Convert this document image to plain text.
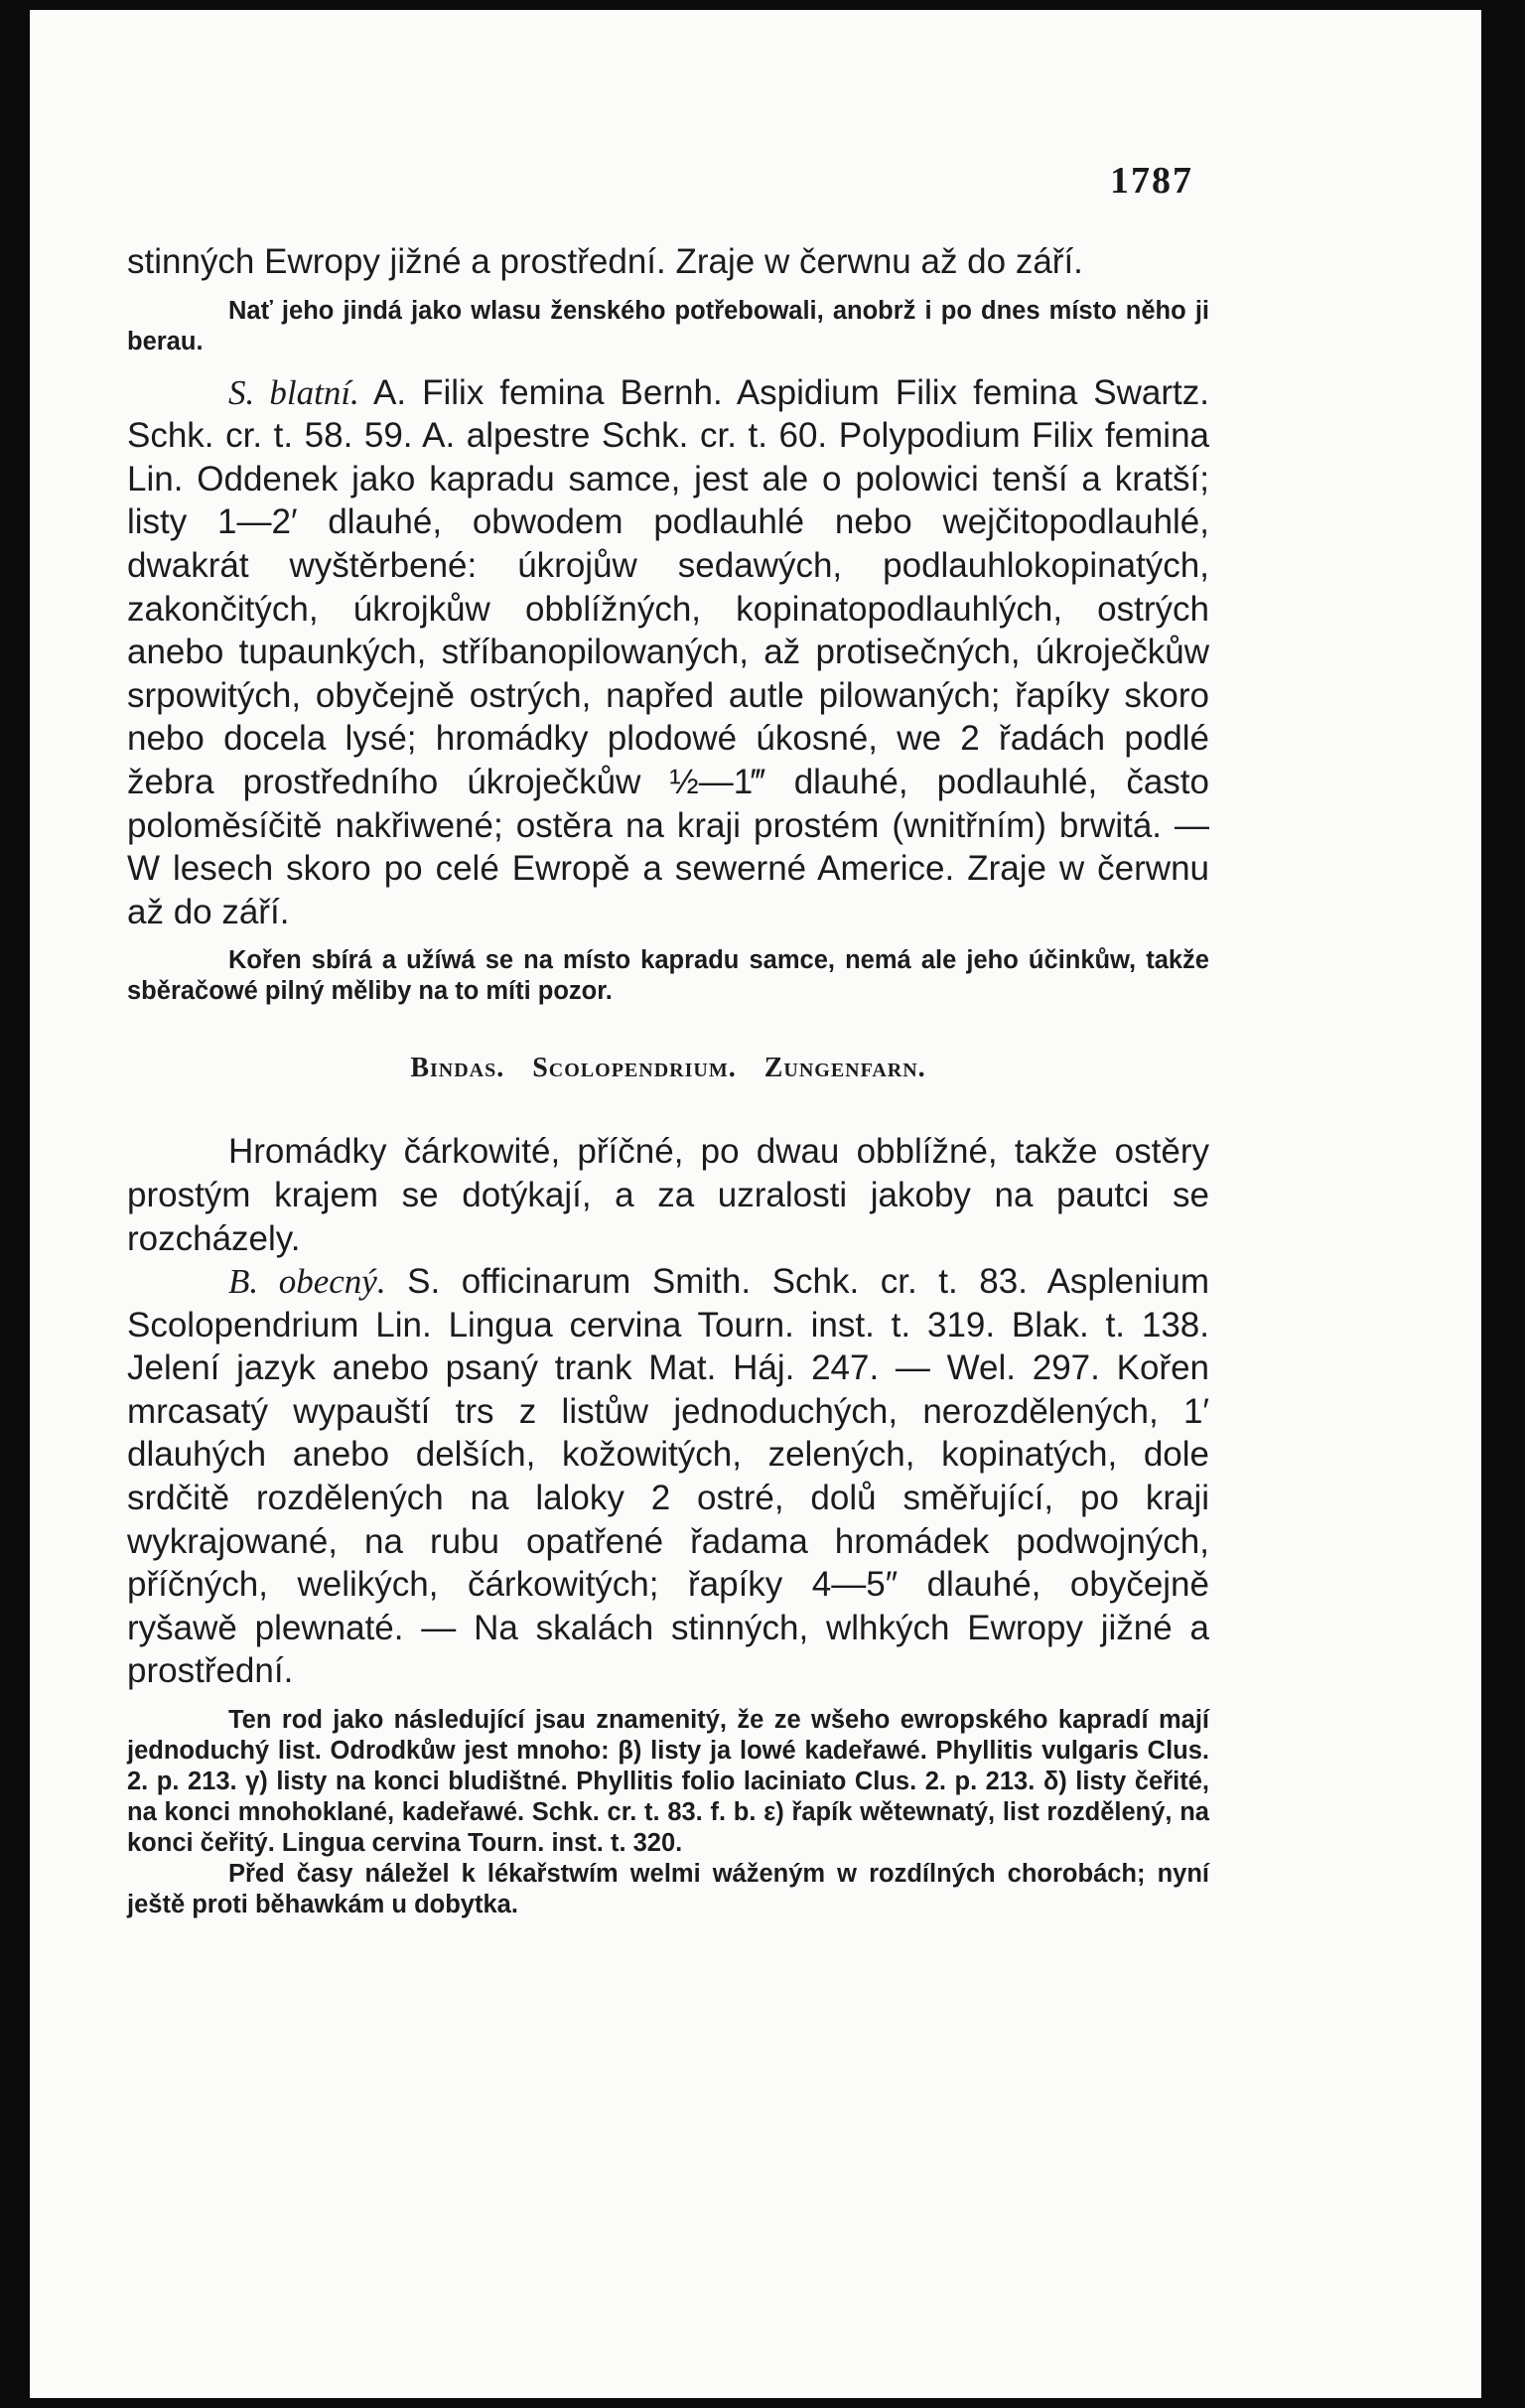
1787

stinných Ewropy jižné a prostřední. Zraje w čerwnu až do září.

Nať jeho jindá jako wlasu ženského potřebowali, anobrž i po dnes místo něho ji berau.

S. blatní. A. Filix femina Bernh. Aspidium Filix femina Swartz. Schk. cr. t. 58. 59. A. alpestre Schk. cr. t. 60. Polypodium Filix femina Lin. Oddenek jako kapradu samce, jest ale o polowici tenší a kratší; listy 1—2′ dlauhé, obwodem podlauhlé nebo wejčitopodlauhlé, dwakrát wyštěrbené: úkrojůw sedawých, podlauhlokopinatých, zakončitých, úkrojkůw obblížných, kopinatopodlauhlých, ostrých anebo tupaunkých, stříbanopilowaných, až protisečných, úkroječkůw srpowitých, obyčejně ostrých, napřed autle pilowaných; řapíky skoro nebo docela lysé; hromádky plodowé úkosné, we 2 řadách podlé žebra prostředního úkroječkůw ½—1‴ dlauhé, podlauhlé, často poloměsíčitě nakřiwené; ostěra na kraji prostém (wnitřním) brwitá. — W lesech skoro po celé Ewropě a sewerné Americe. Zraje w čerwnu až do září.

Kořen sbírá a užíwá se na místo kapradu samce, nemá ale jeho účinkůw, takže sběračowé pilný měliby na to míti pozor.

Bindas. Scolopendrium. Zungenfarn.

Hromádky čárkowité, příčné, po dwau obblížné, takže ostěry prostým krajem se dotýkají, a za uzralosti jakoby na pautci se rozcházely.

B. obecný. S. officinarum Smith. Schk. cr. t. 83. Asplenium Scolopendrium Lin. Lingua cervina Tourn. inst. t. 319. Blak. t. 138. Jelení jazyk anebo psaný trank Mat. Háj. 247. — Wel. 297. Kořen mrcasatý wypauští trs z listůw jednoduchých, nerozdělených, 1′ dlauhých anebo delších, kožowitých, zelených, kopinatých, dole srdčitě rozdělených na laloky 2 ostré, dolů směřující, po kraji wykrajowané, na rubu opatřené řadama hromádek podwojných, příčných, welikých, čárkowitých; řapíky 4—5″ dlauhé, obyčejně ryšawě plewnaté. — Na skalách stinných, wlhkých Ewropy jižné a prostřední.

Ten rod jako následující jsau znamenitý, že ze wšeho ewropského kapradí mají jednoduchý list. Odrodkůw jest mnoho: β) listy ja lowé kadeřawé. Phyllitis vulgaris Clus. 2. p. 213. γ) listy na konci bludištné. Phyllitis folio laciniato Clus. 2. p. 213. δ) listy čeřité, na konci mnohoklané, kadeřawé. Schk. cr. t. 83. f. b. ε) řapík wětewnatý, list rozdělený, na konci čeřitý. Lingua cervina Tourn. inst. t. 320.

Před časy náležel k lékařstwím welmi wáženým w rozdílných chorobách; nyní ještě proti běhawkám u dobytka.
